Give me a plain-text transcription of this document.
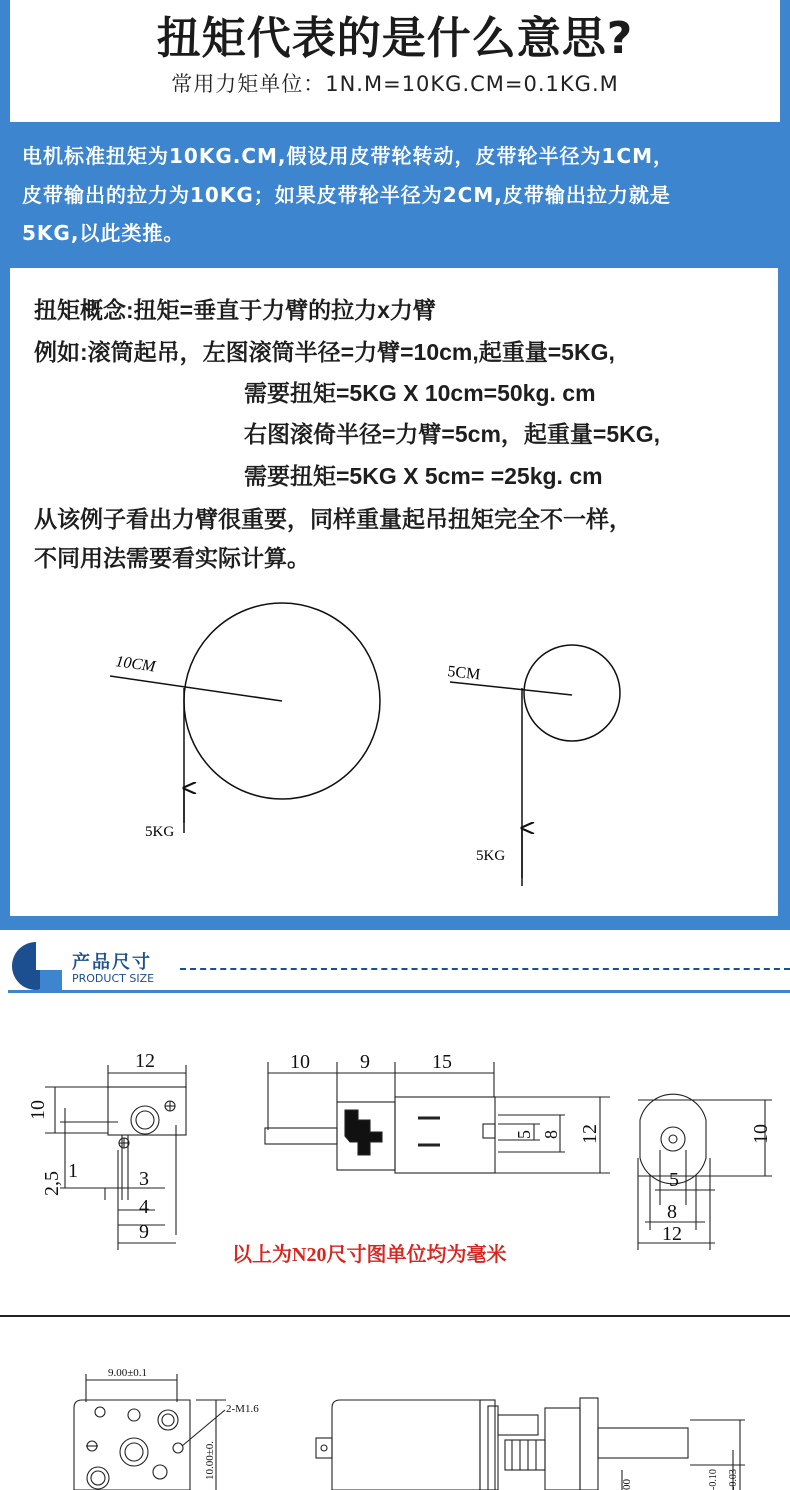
扭矩代表的是什么意思?
常用力矩单位：1N.M=10KG.CM=0.1KG.M
电机标准扭矩为10KG.CM,假设用皮带轮转动，皮带轮半径为1CM，
皮带输出的拉力为10KG；如果皮带轮半径为2CM,皮带输出拉力就是
5KG,以此类推。
扭矩概念:扭矩=垂直于力臂的拉力x力臂
例如:滚筒起吊，左图滚筒半径=力臂=10cm,起重量=5KG,
需要扭矩=5KG X 10cm=50kg. cm
右图滚倚半径=力臂=5cm，起重量=5KG,
需要扭矩=5KG X 5cm= =25kg. cm
从该例子看出力臂很重要，同样重量起吊扭矩完全不一样，
不同用法需要看实际计算。
10CM
5KG
5CM
5KG
产品尺寸
PRODUCT SIZE
12
10
2,5 1	3
4
9
10	9	15
5 8 12	10
5
8
12
以上为N20尺寸图单位均为毫米
9.00±0.1
2-M1.6
10.00±0.
00	-0.10 -0.03
